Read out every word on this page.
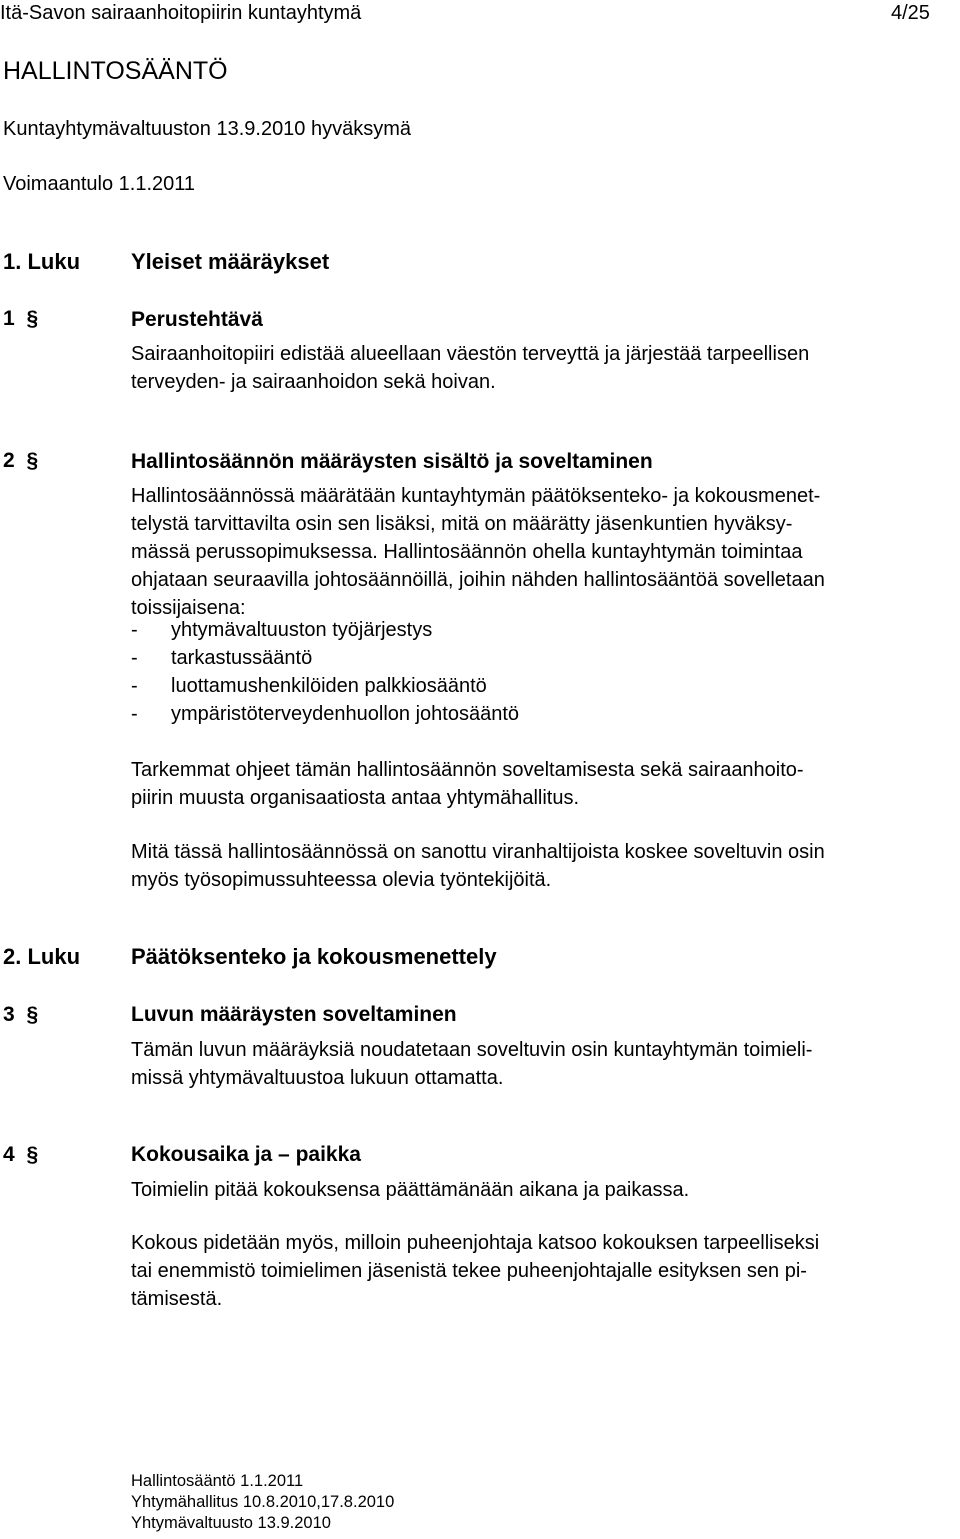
Itä-Savon sairaanhoitopiirin kuntayhtymä	4/25
HALLINTOSÄÄNTÖ
Kuntayhtymävaltuuston 13.9.2010 hyväksymä
Voimaantulo 1.1.2011
1. Luku Yleiset määräykset
1 §	Perustehtävä
Sairaanhoitopiiri edistää alueellaan väestön terveyttä ja järjestää tarpeellisen
terveyden- ja sairaanhoidon sekä hoivan.
2 §	Hallintosäännön määräysten sisältö ja soveltaminen
Hallintosäännössä määrätään kuntayhtymän päätöksenteko- ja kokousmenet-
telystä tarvittavilta osin sen lisäksi, mitä on määrätty jäsenkuntien hyväksy-
mässä perussopimuksessa. Hallintosäännön ohella kuntayhtymän toimintaa
ohjataan seuraavilla johtosäännöillä, joihin nähden hallintosääntöä sovelletaan
toissijaisena:
- yhtymävaltuuston työjärjestys
- tarkastussääntö
- luottamushenkilöiden palkkiosääntö
- ympäristöterveydenhuollon johtosääntö
Tarkemmat ohjeet tämän hallintosäännön soveltamisesta sekä sairaanhoito-
piirin muusta organisaatiosta antaa yhtymähallitus.
Mitä tässä hallintosäännössä on sanottu viranhaltijoista koskee soveltuvin osin
myös työsopimussuhteessa olevia työntekijöitä.
2. Luku Päätöksenteko ja kokousmenettely
3 §	Luvun määräysten soveltaminen
Tämän luvun määräyksiä noudatetaan soveltuvin osin kuntayhtymän toimieli-
missä yhtymävaltuustoa lukuun ottamatta.
4 §	Kokousaika ja – paikka
Toimielin pitää kokouksensa päättämänään aikana ja paikassa.
Kokous pidetään myös, milloin puheenjohtaja katsoo kokouksen tarpeelliseksi
tai enemmistö toimielimen jäsenistä tekee puheenjohtajalle esityksen sen pi-
tämisestä.
Hallintosääntö 1.1.2011
Yhtymähallitus 10.8.2010,17.8.2010
Yhtymävaltuusto 13.9.2010
